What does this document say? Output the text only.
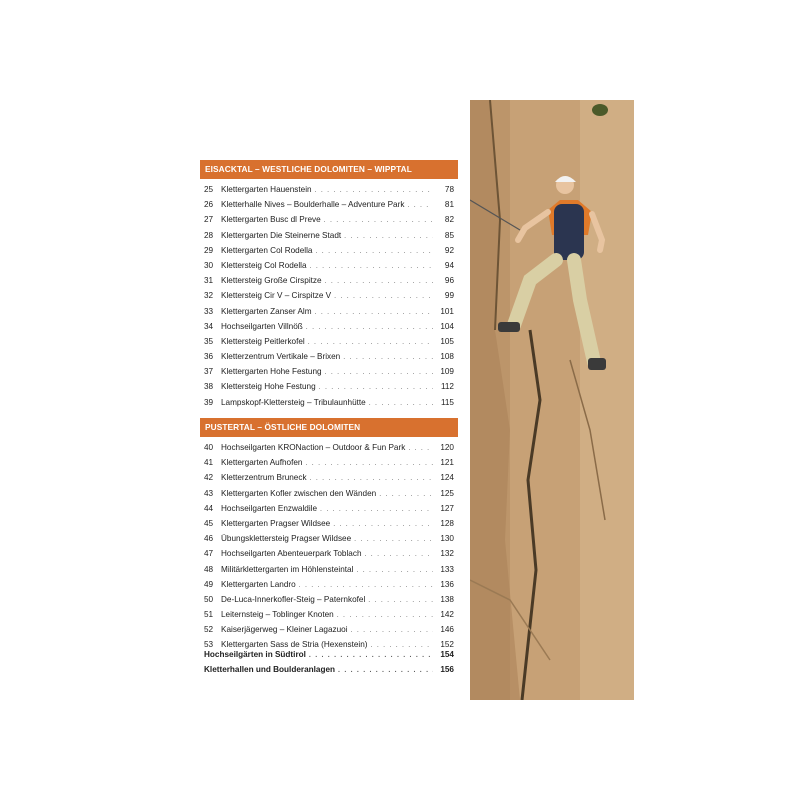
EISACKTAL – WESTLICHE DOLOMITEN – WIPPTAL
25 Klettergarten Hauenstein . . .	78
26 Kletterhalle Nives – Boulderhalle – Adventure Park . . .	81
27 Klettergarten Busc dl Preve . . .	82
28 Klettergarten Die Steinerne Stadt . . .	85
29 Klettergarten Col Rodella . . .	92
30 Klettersteig Col Rodella . . .	94
31 Klettersteig Große Cirspitze . . .	96
32 Klettersteig Cir V – Cirspitze V . . .	99
33 Klettergarten Zanser Alm . . .	101
34 Hochseilgarten Villnöß . . .	104
35 Klettersteig Peitlerkofel . . .	105
36 Kletterzentrum Vertikale – Brixen . . .	108
37 Klettergarten Hohe Festung . . .	109
38 Klettersteig Hohe Festung . . .	112
39 Lampskopf-Klettersteig – Tribulaunhütte . . .	115
PUSTERTAL – ÖSTLICHE DOLOMITEN
40 Hochseilgarten KRONaction – Outdoor & Fun Park . . .	120
41 Klettergarten Aufhofen . . .	121
42 Kletterzentrum Bruneck . . .	124
43 Klettergarten Kofler zwischen den Wänden . . .	125
44 Hochseilgarten Enzwaldile . . .	127
45 Klettergarten Pragser Wildsee . . .	128
46 Übungsklettersteig Pragser Wildsee . . .	130
47 Hochseilgarten Abenteuerpark Toblach . . .	132
48 Militärklettergarten im Höhlensteintal . . .	133
49 Klettergarten Landro . . .	136
50 De-Luca-Innerkofler-Steig – Paternkofel . . .	138
51 Leiternsteig – Toblinger Knoten . . .	142
52 Kaiserjägerweg – Kleiner Lagazuoi . . .	146
53 Klettergarten Sass de Stria (Hexenstein) . . .	152
Hochseilgärten in Südtirol . . .	154
Kletterhallen und Boulderanlagen . . .	156
